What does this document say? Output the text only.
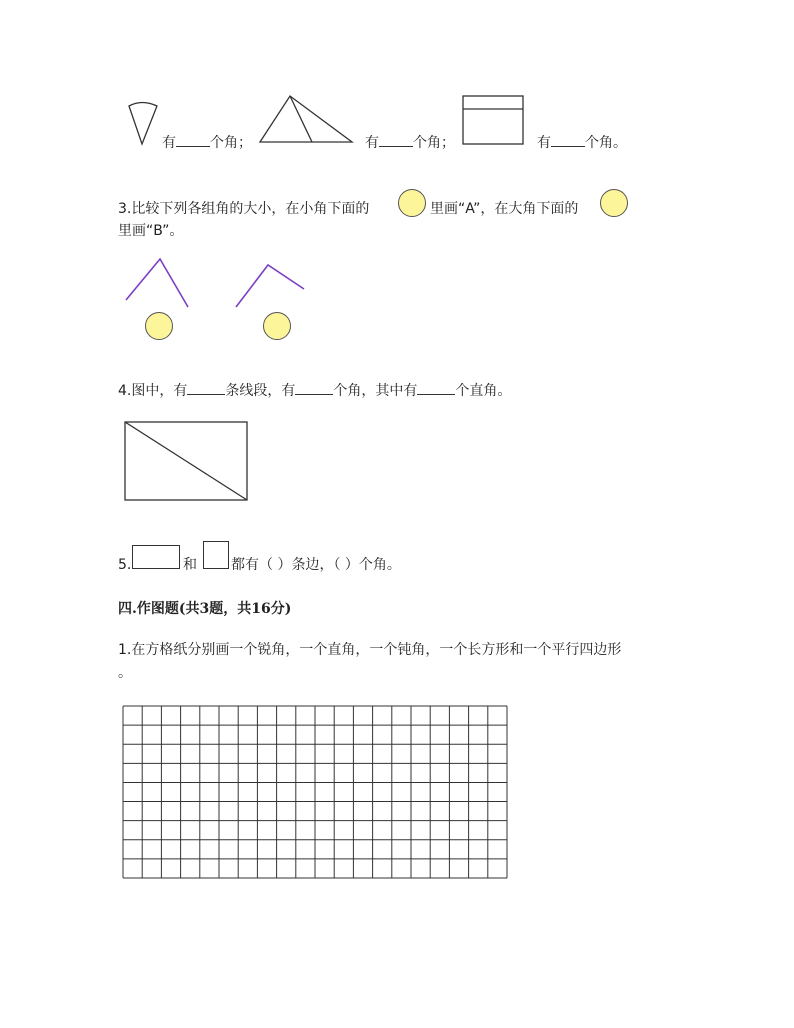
有 个角；	有 个角；	有 个角。
3.比较下列各组角的大小，在小角下面的	里画“A”，在大角下面的
里画“B”。
4.图中，有	条线段，有	个角，其中有	个直角。
5.	和 都有（ ）条边，（ ）个角。
四.作图题(共3题，共16分)
1.在方格纸分别画一个锐角，一个直角，一个钝角，一个长方形和一个平行四边形
。
